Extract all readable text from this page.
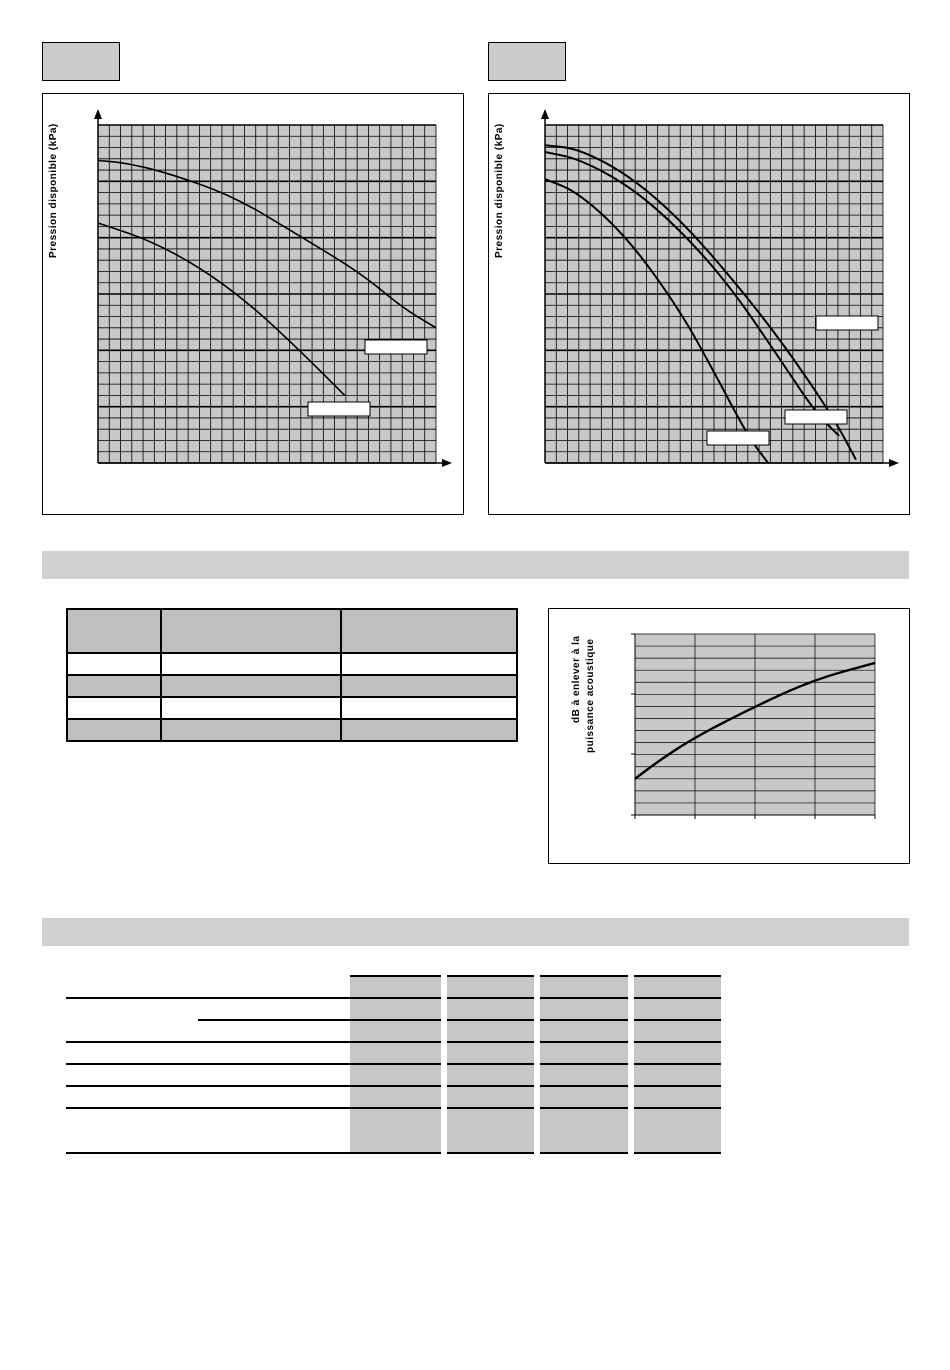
Pression disponible (kPa)	Pression disponible (kPa)

dB à enlever à la puissance acoustique
